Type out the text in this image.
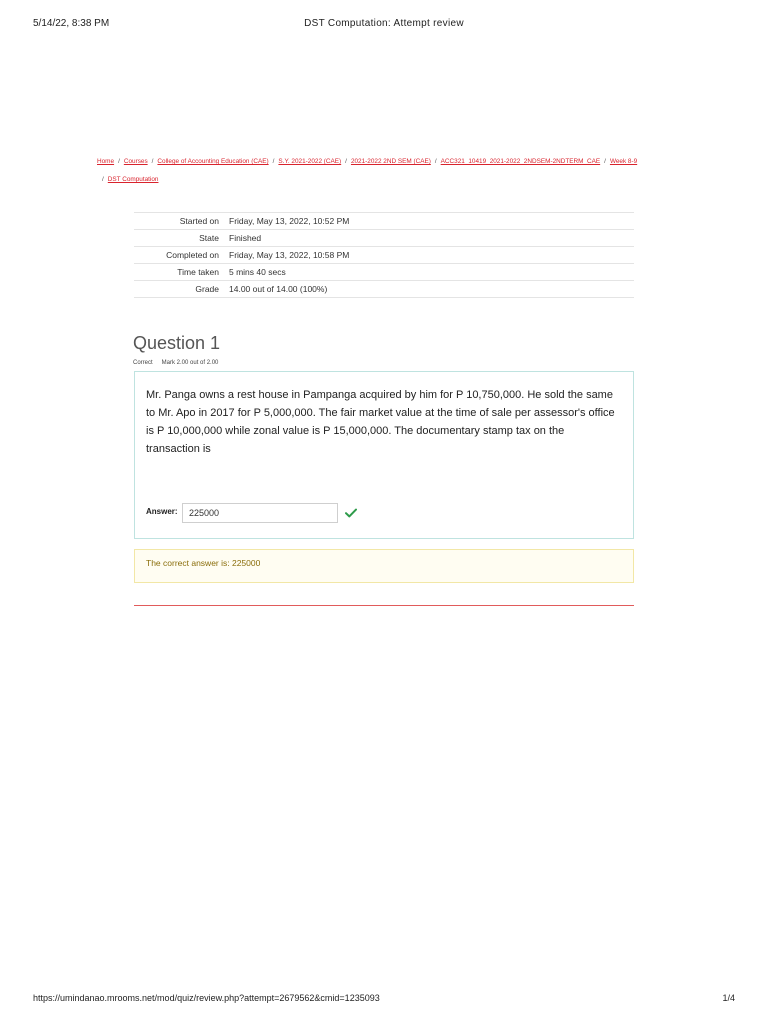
5/14/22, 8:38 PM	DST Computation: Attempt review
Home / Courses / College of Accounting Education (CAE) / S.Y. 2021-2022 (CAE) / 2021-2022 2ND SEM (CAE) / ACC321_10419_2021-2022_2NDSEM-2NDTERM_CAE / Week 8-9
/ DST Computation
Started on	Friday, May 13, 2022, 10:52 PM
State	Finished
Completed on	Friday, May 13, 2022, 10:58 PM
Time taken	5 mins 40 secs
Grade	14.00 out of 14.00 (100%)
Question 1
Correct Mark 2.00 out of 2.00

Mr. Panga owns a rest house in Pampanga acquired by him for P 10,750,000. He sold the same to Mr. Apo in 2017 for P 5,000,000. The fair market value at the time of sale per assessor's office is P 10,000,000 while zonal value is P 15,000,000. The documentary stamp tax on the transaction is

Answer:	225000
The correct answer is: 225000
https://umindanao.mrooms.net/mod/quiz/review.php?attempt=2679562&cmid=1235093	1/4
